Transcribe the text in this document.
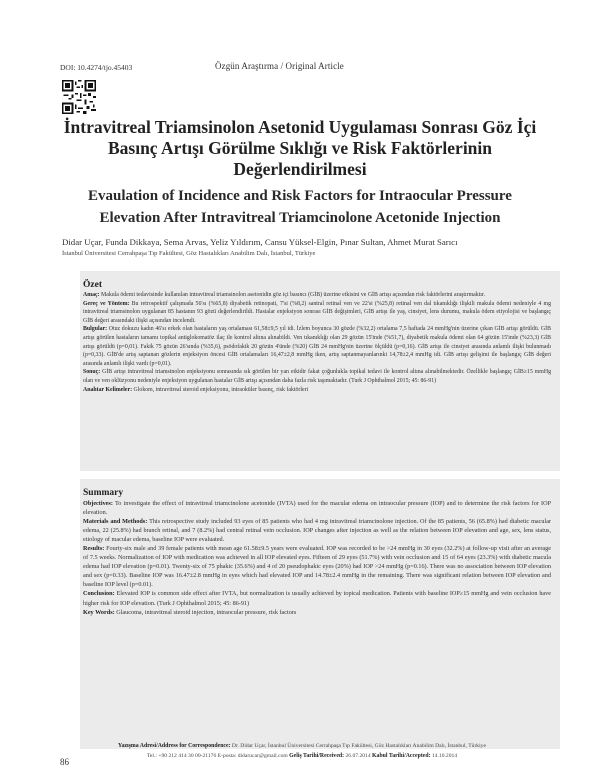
DOI: 10.4274/tjo.45403	Özgün Araştırma / Original Article
İntravitreal Triamsinolon Asetonid Uygulaması Sonrası Göz İçi Basınç Artışı Görülme Sıklığı ve Risk Faktörlerinin Değerlendirilmesi
Evaulation of Incidence and Risk Factors for Intraocular Pressure Elevation After Intravitreal Triamcinolone Acetonide Injection
Didar Uçar, Funda Dikkaya, Sema Arvas, Yeliz Yıldırım, Cansu Yüksel-Elgin, Pınar Sultan, Ahmet Murat Sarıcı
İstanbul Üniversitesi Cerrahpaşa Tıp Fakültesi, Göz Hastalıkları Anabilim Dalı, İstanbul, Türkiye
Özet

Amaç: Makula ödemi tedavisinde kullanılan intravitreal triamsinolon asetonidin göz içi basıncı (GİB) üzerine etkisini ve GİB artışı açısından risk faktörlerini araştırmaktır.

Gereç ve Yöntem: Bu retrospektif çalışmada 56'sı (%65,8) diyabetik retinopati, 7'si (%8,2) santral retinal ven ve 22'si (%25,8) retinal ven dal tıkanıklığı ilişkili makula ödemi nedeniyle 4 mg intravitreal triamsinolon uygulanan 85 hastanın 93 gözü değerlendirildi. Hastalar enjeksiyon sonrası GİB değişimleri, GİB artışı ile yaş, cinsiyet, lens durumu, makula ödem etiyolojisi ve başlangıç GİB değeri arasındaki ilişki açısından incelendi.

Bulgular: Otuz dokuzu kadın 46'sı erkek olan hastaların yaş ortalaması 61,58±9,5 yıl idi. İzlem boyunca 30 gözde (%32,2) ortalama 7,5 haftada 24 mmHg'nin üzerine çıkan GİB artışı görüldü. GİB artışı görülen hastaların tamamı topikal antiglokomatöz ilaç ile kontrol altına alınabildi. Ven tıkanıklığı olan 29 gözün 15'inde (%51,7), diyabetik makula ödemi olan 64 gözün 15'inde (%23,3) GİB artışı görüldü (p=0,01). Fakik 75 gözün 26'sında (%35,6), psödofakik 20 gözün 4'ünde (%20) GİB 24 mmHg'nin üzerine ölçüldü (p=0,16). GİB artışı ile cinsiyet arasında anlamlı ilişki bulunmadı (p=0,33). GİB'de artış saptanan gözlerin enjeksiyon öncesi GİB ortalamaları 16,47±2,8 mmHg iken, artış saptanmayanlarınki 14,78±2,4 mmHg idi. GİB artışı gelişimi ile başlangıç GİB değeri arasında anlamlı ilişki vardı (p=0,01).

Sonuç: GİB artışı intravitreal triamsinolon enjeksiyonu sonrasında sık görülen bir yan etkidir fakat çoğunlukla topikal tedavi ile kontrol altına alınabilmektedir. Özellikle başlangıç GİB≥15 mmHg olan ve ven oklüzyonu nedeniyle enjeksiyon uygulanan hastalar GİB artışı açısından daha fazla risk taşımaktadır. (Turk J Ophthalmol 2015; 45: 86-91)

Anahtar Kelimeler: Glokom, intravitreal steroid enjeksiyonu, intraoküler basınç, risk faktörleri

Summary

Objectives: To investigate the effect of intravitreal triamcinolone acetonide (IVTA) used for the macular edema on intraocular pressure (IOP) and to determine the risk factors for IOP elevation.

Materials and Methods: This retrospective study included 93 eyes of 85 patients who had 4 mg intravitreal triamcinolone injection. Of the 85 patients, 56 (65.8%) had diabetic macular edema, 22 (25.8%) had branch retinal, and 7 (8.2%) had central retinal vein occlusion. IOP changes after injection as well as the relation between IOP elevation and age, sex, lens status, etiology of macular edema, baseline IOP were evaluated.

Results: Fourty-six male and 39 female patients with mean age 61.58±9.5 years were evaluated. IOP was recorded to be >24 mmHg in 30 eyes (32.2%) at follow-up visit after an average of 7.5 weeks. Normalization of IOP with medication was achieved in all IOP elevated eyes. Fifteen of 29 eyes (51.7%) with vein occlusion and 15 of 64 eyes (23.3%) with diabetic macula edema had IOP elevation (p=0.01). Twenty-six of 75 phakic (35.6%) and 4 of 20 pseudophakic eyes (20%) had IOP >24 mmHg (p=0.16). There was no association between IOP elevation and sex (p=0.33). Baseline IOP was 16.47±2.8 mmHg in eyes which had elevated IOP and 14.78±2.4 mmHg in the remaining. There was significant relation between IOP elevation and baseline IOP level (p=0.01).

Conclusion: Elevated IOP is common side effect after IVTA, but normalization is usually achieved by topical medication. Patients with baseline IOP≥15 mmHg and vein occlusion have higher risk for IOP elevation. (Turk J Ophthalmol 2015; 45: 86-91)

Key Words: Glaucoma, intravitreal steroid injection, intraocular pressure, risk factors

Yazışma Adresi/Address for Correspondence: Dr. Didar Uçar, İstanbul Üniversitesi Cerrahpaşa Tıp Fakültesi, Göz Hastalıkları Anabilim Dalı, İstanbul, Türkiye
Tel.: +90 212 414 30 00-21176 E-posta: didarucar@gmail.com Geliş Tarihi/Received: 26.07.2014 Kabul Tarihi/Accepted: 14.10.2014
86
